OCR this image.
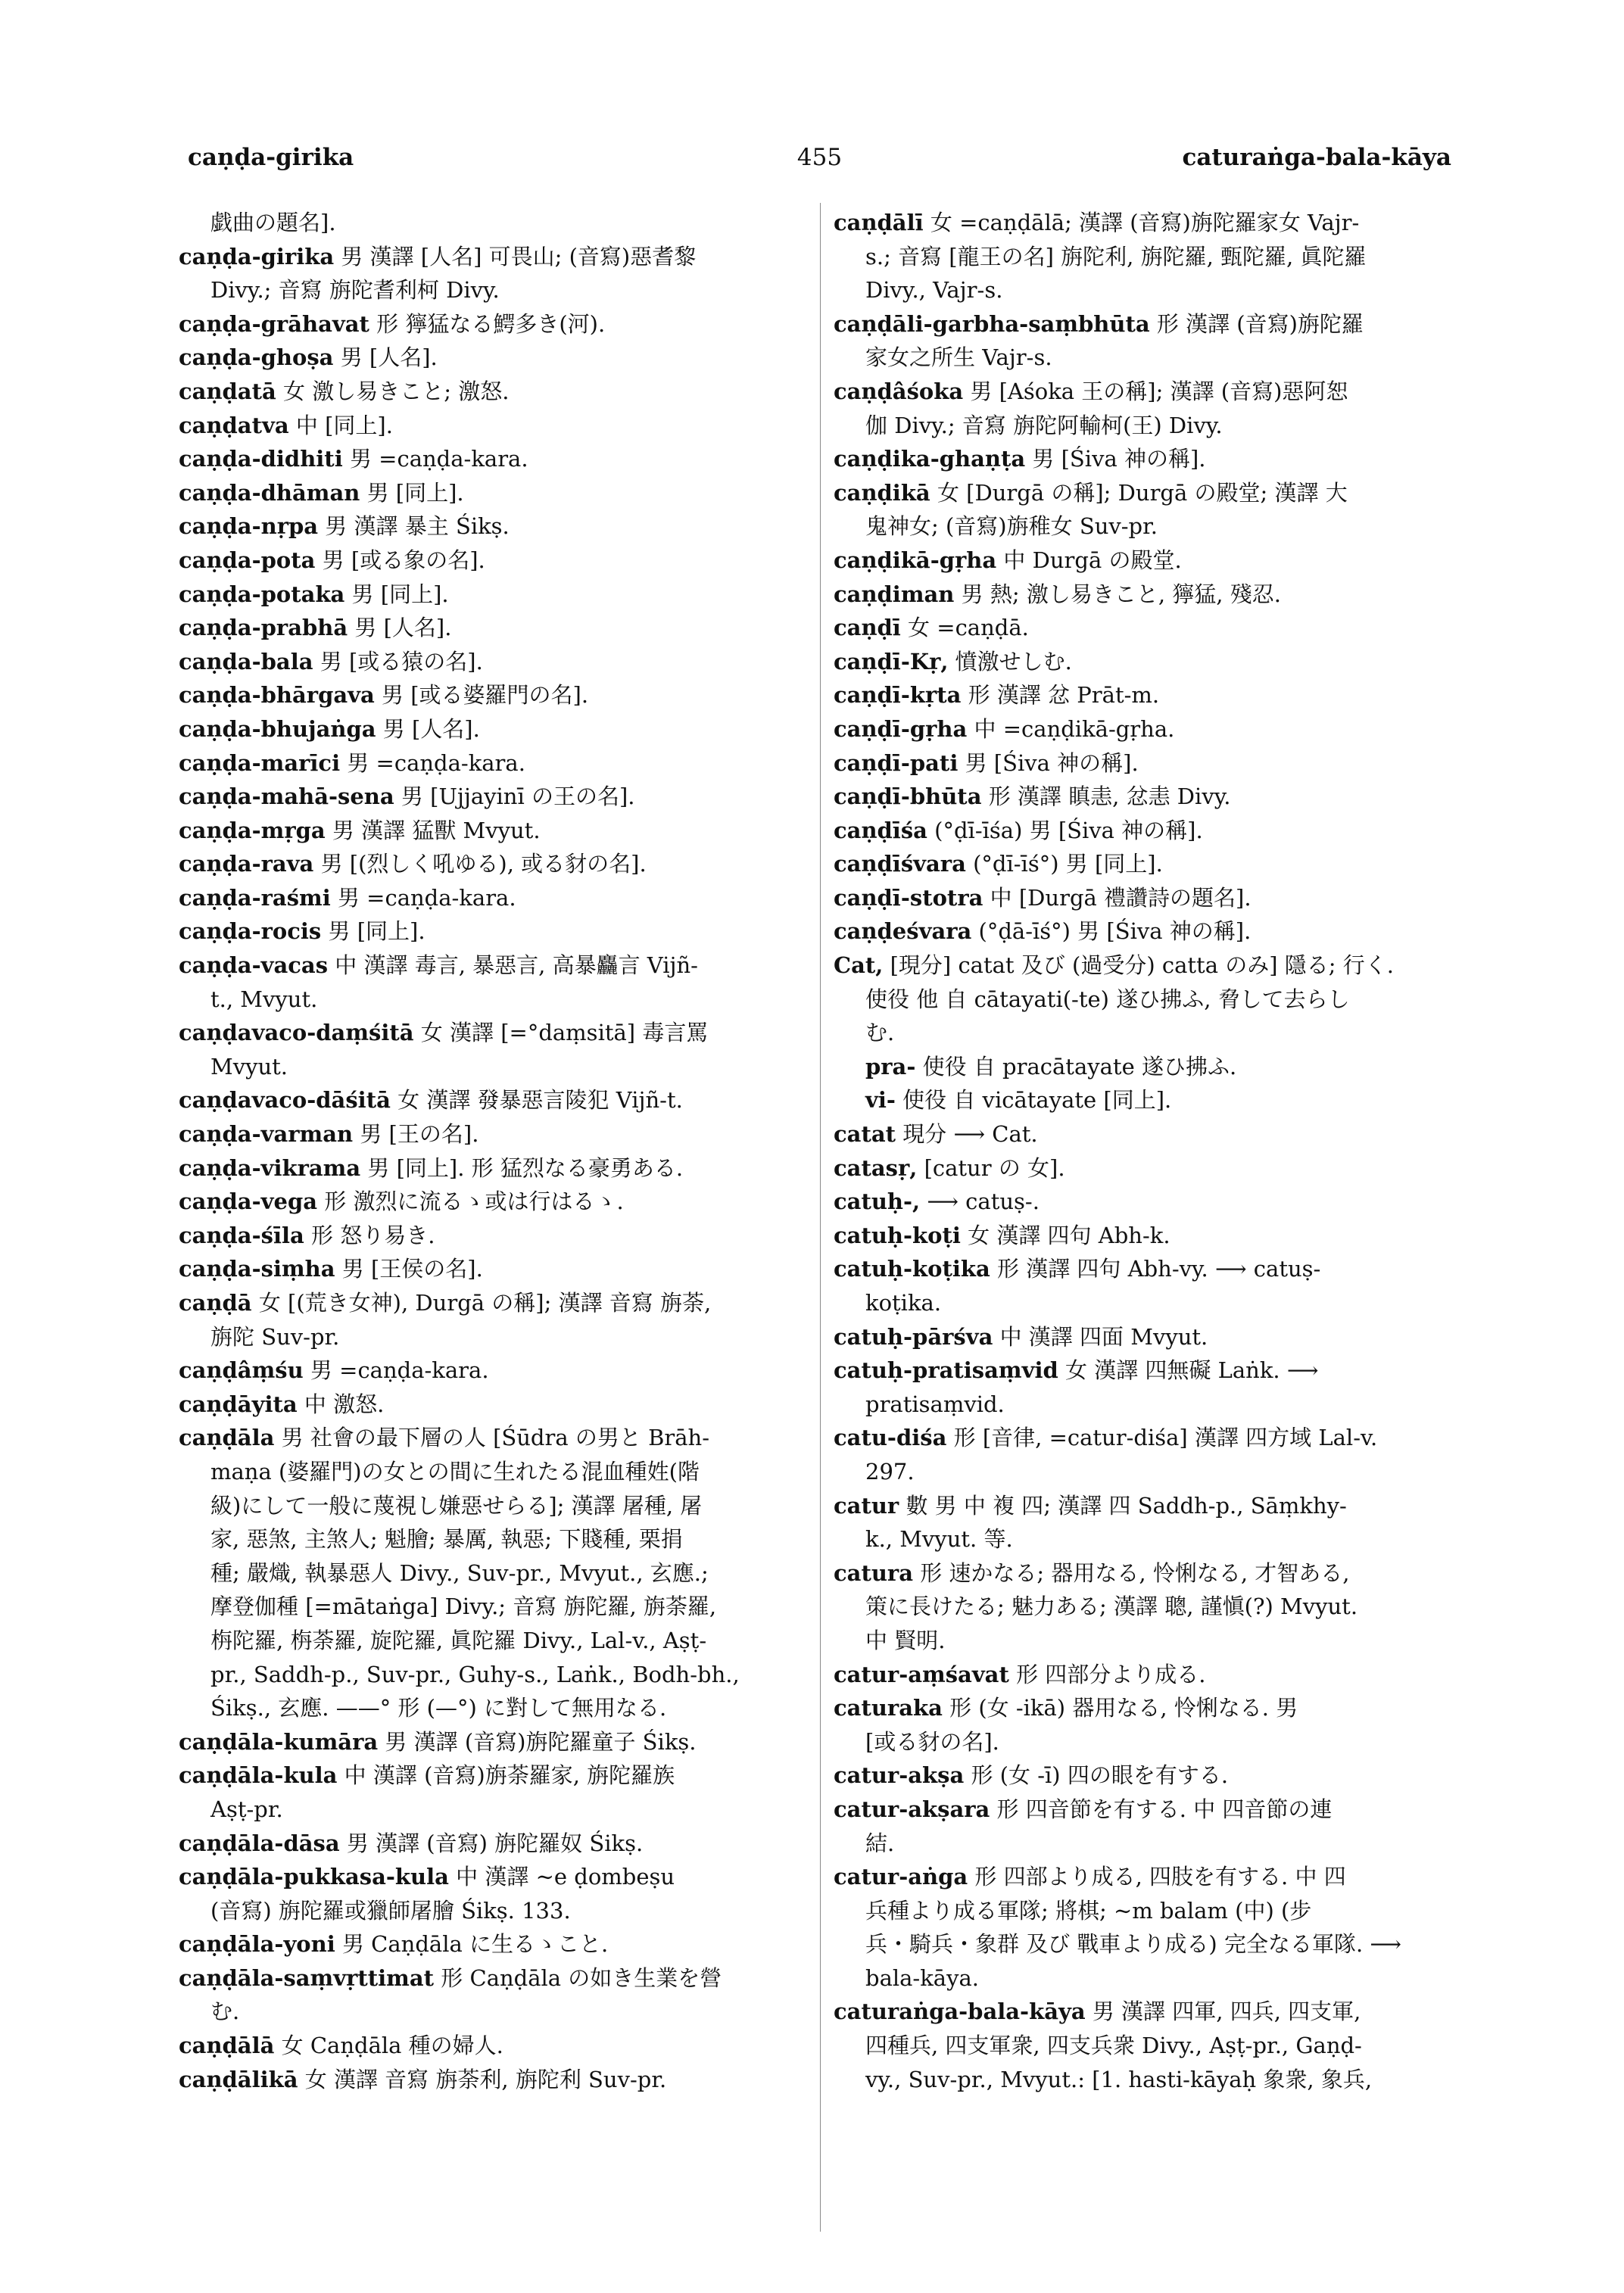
caṇḍa-girika	455	caturaṅga-bala-kāya
戯曲の題名].
caṇḍa-girika 男 漢譯 [人名] 可畏山; (音寫)惡耆黎
Divy.; 音寫 旃陀耆利柯 Divy.
caṇḍa-grāhavat 形 獰猛なる鰐多き(河).
caṇḍa-ghoṣa 男 [人名].
caṇḍatā 女 激し易きこと; 激怒.
caṇḍatva 中 [同上].
caṇḍa-didhiti 男 =caṇḍa-kara.
caṇḍa-dhāman 男 [同上].
caṇḍa-nṛpa 男 漢譯 暴主 Śikṣ.
caṇḍa-pota 男 [或る象の名].
caṇḍa-potaka 男 [同上].
caṇḍa-prabhā 男 [人名].
caṇḍa-bala 男 [或る猿の名].
caṇḍa-bhārgava 男 [或る婆羅門の名].
caṇḍa-bhujaṅga 男 [人名].
caṇḍa-marīci 男 =caṇḍa-kara.
caṇḍa-mahā-sena 男 [Ujjayinī の王の名].
caṇḍa-mṛga 男 漢譯 猛獸 Mvyut.
caṇḍa-rava 男 [(烈しく吼ゆる), 或る豺の名].
caṇḍa-raśmi 男 =caṇḍa-kara.
caṇḍa-rocis 男 [同上].
caṇḍa-vacas 中 漢譯 毒言, 暴惡言, 高暴麤言 Vijñ-
t., Mvyut.
caṇḍavaco-daṃśitā 女 漢譯 [=°daṃsitā] 毒言罵
Mvyut.
caṇḍavaco-dāśitā 女 漢譯 發暴惡言陵犯 Vijñ-t.
caṇḍa-varman 男 [王の名].
caṇḍa-vikrama 男 [同上]. 形 猛烈なる豪勇ある.
caṇḍa-vega 形 激烈に流るゝ或は行はるゝ.
caṇḍa-śīla 形 怒り易き.
caṇḍa-siṃha 男 [王侯の名].
caṇḍā 女 [(荒き女神), Durgā の稱]; 漢譯 音寫 旃荼,
旃陀 Suv-pr.
caṇḍâṃśu 男 =caṇḍa-kara.
caṇḍāyita 中 激怒.
caṇḍāla 男 社會の最下層の人 [Śūdra の男と Brāh-
maṇa (婆羅門)の女との間に生れたる混血種姓(階
級)にして一般に蔑視し嫌惡せらる]; 漢譯 屠種, 屠
家, 惡煞, 主煞人; 魁膾; 暴厲, 執惡; 下賤種, 栗捐
種; 嚴熾, 執暴惡人 Divy., Suv-pr., Mvyut., 玄應.;
摩登伽種 [=mātaṅga] Divy.; 音寫 旃陀羅, 旃荼羅,
栴陀羅, 栴荼羅, 旋陀羅, 眞陀羅 Divy., Lal-v., Aṣṭ-
pr., Saddh-p., Suv-pr., Guhy-s., Laṅk., Bodh-bh.,
Śikṣ., 玄應. ——° 形 (—°) に對して無用なる.
caṇḍāla-kumāra 男 漢譯 (音寫)旃陀羅童子 Śikṣ.
caṇḍāla-kula 中 漢譯 (音寫)旃荼羅家, 旃陀羅族
Aṣṭ-pr.
caṇḍāla-dāsa 男 漢譯 (音寫) 旃陀羅奴 Śikṣ.
caṇḍāla-pukkasa-kula 中 漢譯 ∼e ḍombeṣu
(音寫) 旃陀羅或獵師屠膾 Śikṣ. 133.
caṇḍāla-yoni 男 Caṇḍāla に生るゝこと.
caṇḍāla-saṃvṛttimat 形 Caṇḍāla の如き生業を營
む.
caṇḍālā 女 Caṇḍāla 種の婦人.
caṇḍālikā 女 漢譯 音寫 旃荼利, 旃陀利 Suv-pr.
caṇḍālī 女 =caṇḍālā; 漢譯 (音寫)旃陀羅家女 Vajr-
s.; 音寫 [龍王の名] 旃陀利, 旃陀羅, 甄陀羅, 眞陀羅
Divy., Vajr-s.
caṇḍāli-garbha-saṃbhūta 形 漢譯 (音寫)旃陀羅
家女之所生 Vajr-s.
caṇḍâśoka 男 [Aśoka 王の稱]; 漢譯 (音寫)惡阿恕
伽 Divy.; 音寫 旃陀阿輸柯(王) Divy.
caṇḍika-ghaṇṭa 男 [Śiva 神の稱].
caṇḍikā 女 [Durgā の稱]; Durgā の殿堂; 漢譯 大
鬼神女; (音寫)旃稚女 Suv-pr.
caṇḍikā-gṛha 中 Durgā の殿堂.
caṇḍiman 男 熱; 激し易きこと, 獰猛, 殘忍.
caṇḍī 女 =caṇḍā.
caṇḍī-Kṛ, 憤激せしむ.
caṇḍī-kṛta 形 漢譯 忿 Prāt-m.
caṇḍī-gṛha 中 =caṇḍikā-gṛha.
caṇḍī-pati 男 [Śiva 神の稱].
caṇḍī-bhūta 形 漢譯 瞋恚, 忿恚 Divy.
caṇḍīśa (°ḍī-īśa) 男 [Śiva 神の稱].
caṇḍīśvara (°ḍī-īś°) 男 [同上].
caṇḍī-stotra 中 [Durgā 禮讚詩の題名].
caṇḍeśvara (°ḍā-īś°) 男 [Śiva 神の稱].
Cat, [現分] catat 及び (過受分) catta のみ] 隱る; 行く.
使役 他 自 cātayati(-te) 遂ひ拂ふ, 脅して去らし
む.
pra- 使役 自 pracātayate 遂ひ拂ふ.
vi- 使役 自 vicātayate [同上].
catat 現分 ⟶ Cat.
catasṛ, [catur の 女].
catuḥ-, ⟶ catuṣ-.
catuḥ-koṭi 女 漢譯 四句 Abh-k.
catuḥ-koṭika 形 漢譯 四句 Abh-vy. ⟶ catuṣ-
koṭika.
catuḥ-pārśva 中 漢譯 四面 Mvyut.
catuḥ-pratisaṃvid 女 漢譯 四無礙 Laṅk. ⟶
pratisaṃvid.
catu-diśa 形 [音律, =catur-diśa] 漢譯 四方域 Lal-v.
297.
catur 數 男 中 複 四; 漢譯 四 Saddh-p., Sāṃkhy-
k., Mvyut. 等.
catura 形 速かなる; 器用なる, 怜悧なる, 才智ある,
策に長けたる; 魅力ある; 漢譯 聰, 謹愼(?) Mvyut.
中 賢明.
catur-aṃśavat 形 四部分より成る.
caturaka 形 (女 -ikā) 器用なる, 怜悧なる. 男
[或る豺の名].
catur-akṣa 形 (女 -ī) 四の眼を有する.
catur-akṣara 形 四音節を有する. 中 四音節の連
結.
catur-aṅga 形 四部より成る, 四肢を有する. 中 四
兵種より成る軍隊; 將棋; ∼m balam (中) (步
兵・騎兵・象群 及び 戰車より成る) 完全なる軍隊. ⟶
bala-kāya.
caturaṅga-bala-kāya 男 漢譯 四軍, 四兵, 四支軍,
四種兵, 四支軍衆, 四支兵衆 Divy., Aṣṭ-pr., Gaṇḍ-
vy., Suv-pr., Mvyut.: [1. hasti-kāyaḥ 象衆, 象兵,
